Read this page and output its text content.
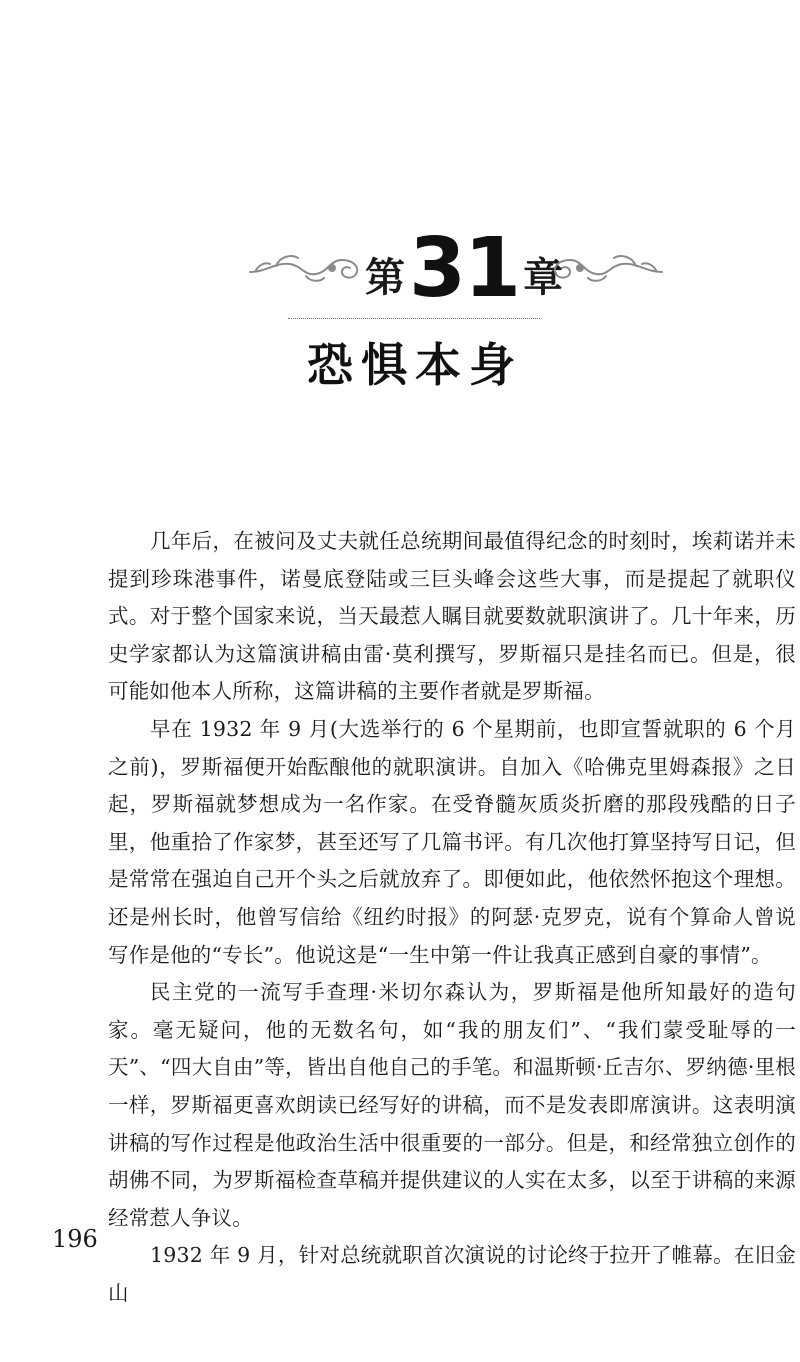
第 31 章
恐惧本身

几年后，在被问及丈夫就任总统期间最值得纪念的时刻时，埃莉诺并未提到珍珠港事件，诺曼底登陆或三巨头峰会这些大事，而是提起了就职仪式。对于整个国家来说，当天最惹人瞩目就要数就职演讲了。几十年来，历史学家都认为这篇演讲稿由雷·莫利撰写，罗斯福只是挂名而已。但是，很可能如他本人所称，这篇讲稿的主要作者就是罗斯福。

早在 1932 年 9 月(大选举行的 6 个星期前，也即宣誓就职的 6 个月之前)，罗斯福便开始酝酿他的就职演讲。自加入《哈佛克里姆森报》之日起，罗斯福就梦想成为一名作家。在受脊髓灰质炎折磨的那段残酷的日子里，他重拾了作家梦，甚至还写了几篇书评。有几次他打算坚持写日记，但是常常在强迫自己开个头之后就放弃了。即便如此，他依然怀抱这个理想。还是州长时，他曾写信给《纽约时报》的阿瑟·克罗克，说有个算命人曾说写作是他的“专长”。他说这是“一生中第一件让我真正感到自豪的事情”。

民主党的一流写手查理·米切尔森认为，罗斯福是他所知最好的造句家。毫无疑问，他的无数名句，如“我的朋友们”、“我们蒙受耻辱的一天”、“四大自由”等，皆出自他自己的手笔。和温斯顿·丘吉尔、罗纳德·里根一样，罗斯福更喜欢朗读已经写好的讲稿，而不是发表即席演讲。这表明演讲稿的写作过程是他政治生活中很重要的一部分。但是，和经常独立创作的胡佛不同，为罗斯福检查草稿并提供建议的人实在太多，以至于讲稿的来源经常惹人争议。

1932 年 9 月，针对总统就职首次演说的讨论终于拉开了帷幕。在旧金山

196
